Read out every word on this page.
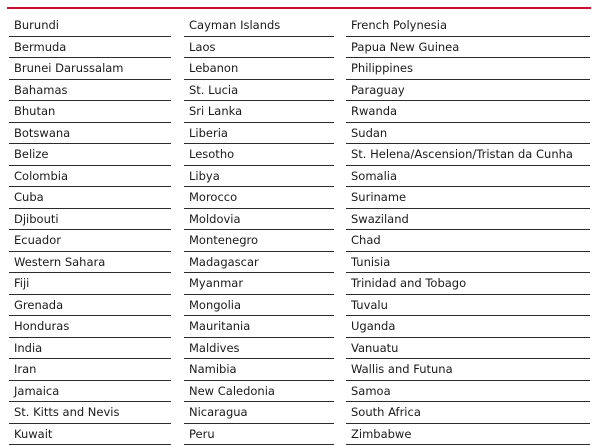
Burundi
Bermuda
Brunei Darussalam
Bahamas
Bhutan
Botswana
Belize
Colombia
Cuba
Djibouti
Ecuador
Western Sahara
Fiji
Grenada
Honduras
India
Iran
Jamaica
St. Kitts and Nevis
Kuwait
Cayman Islands
Laos
Lebanon
St. Lucia
Sri Lanka
Liberia
Lesotho
Libya
Morocco
Moldovia
Montenegro
Madagascar
Myanmar
Mongolia
Mauritania
Maldives
Namibia
New Caledonia
Nicaragua
Peru
French Polynesia
Papua New Guinea
Philippines
Paraguay
Rwanda
Sudan
St. Helena/Ascension/Tristan da Cunha
Somalia
Suriname
Swaziland
Chad
Tunisia
Trinidad and Tobago
Tuvalu
Uganda
Vanuatu
Wallis and Futuna
Samoa
South Africa
Zimbabwe
